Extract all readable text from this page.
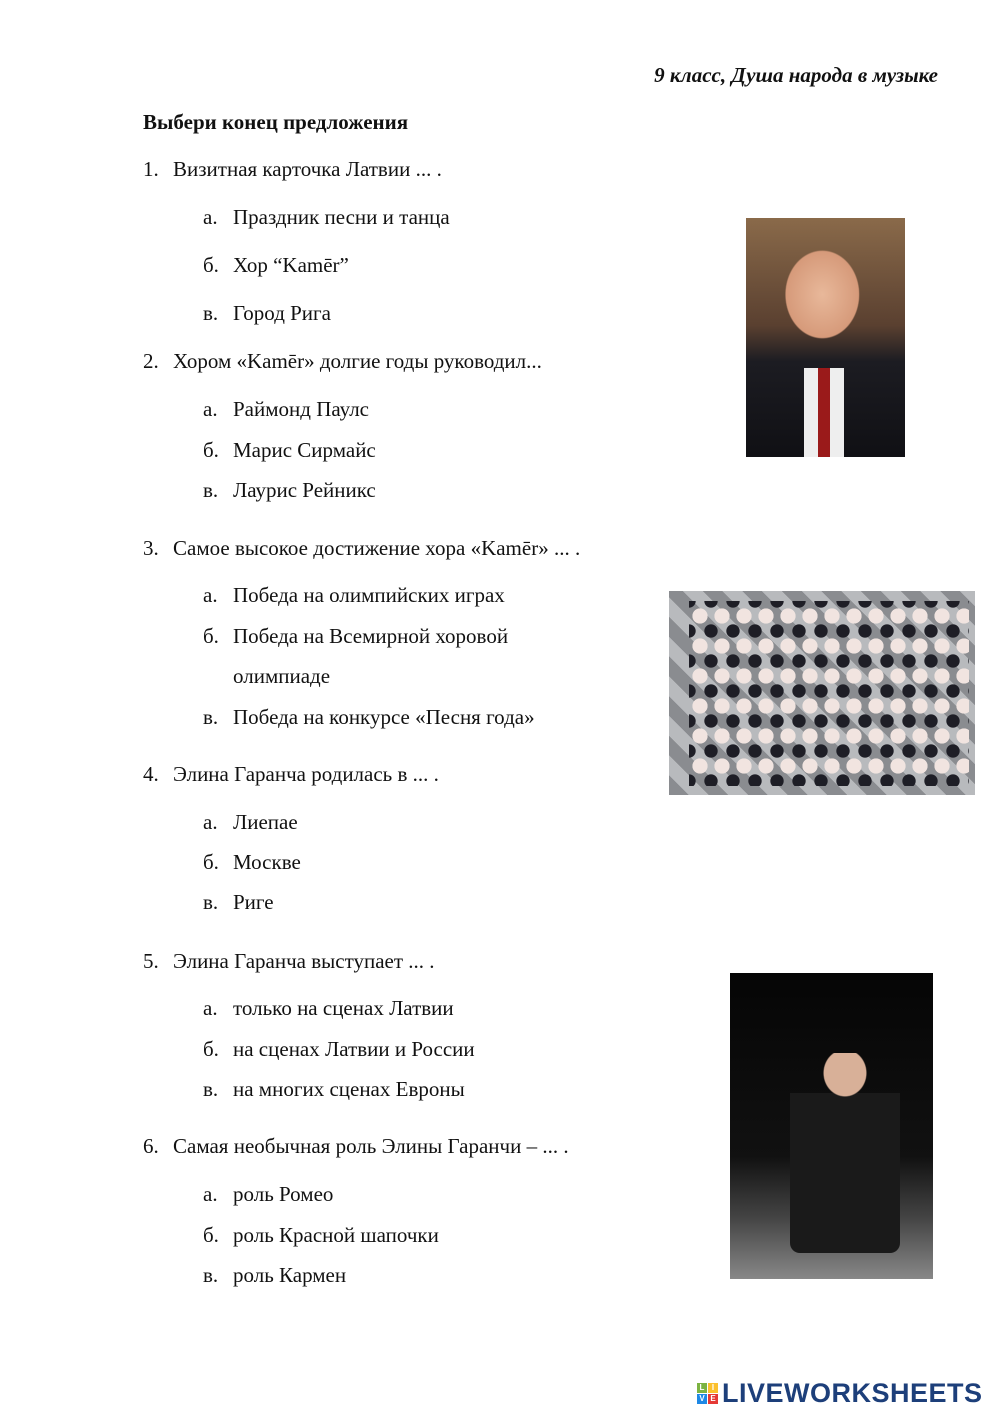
9 класс, Душа народа в музыке
Выбери конец предложения
1. Визитная карточка Латвии ... .
а. Праздник песни и танца
б. Хор “Kamēr”
в. Город Рига
2. Хором «Kamēr» долгие годы руководил...
а. Раймонд Паулс
б. Марис Сирмайс
в. Лаурис Рейникс
3. Самое высокое достижение хора «Kamēr» ... .
а. Победа на олимпийских играх
б. Победа на Всемирной хоровой
олимпиаде
в. Победа на конкурсе «Песня года»
4. Элина Гаранча родилась в ... .
а. Лиепае
б. Москве
в. Риге
5. Элина Гаранча выступает ... .
а. только на сценах Латвии
б. на сценах Латвии и России
в. на многих сценах Евроны
6. Самая необычная роль Элины Гаранчи – ... .
а. роль Ромео
б. роль Красной шапочки
в. роль Кармен
L I
V E LIVEWORKSHEETS
